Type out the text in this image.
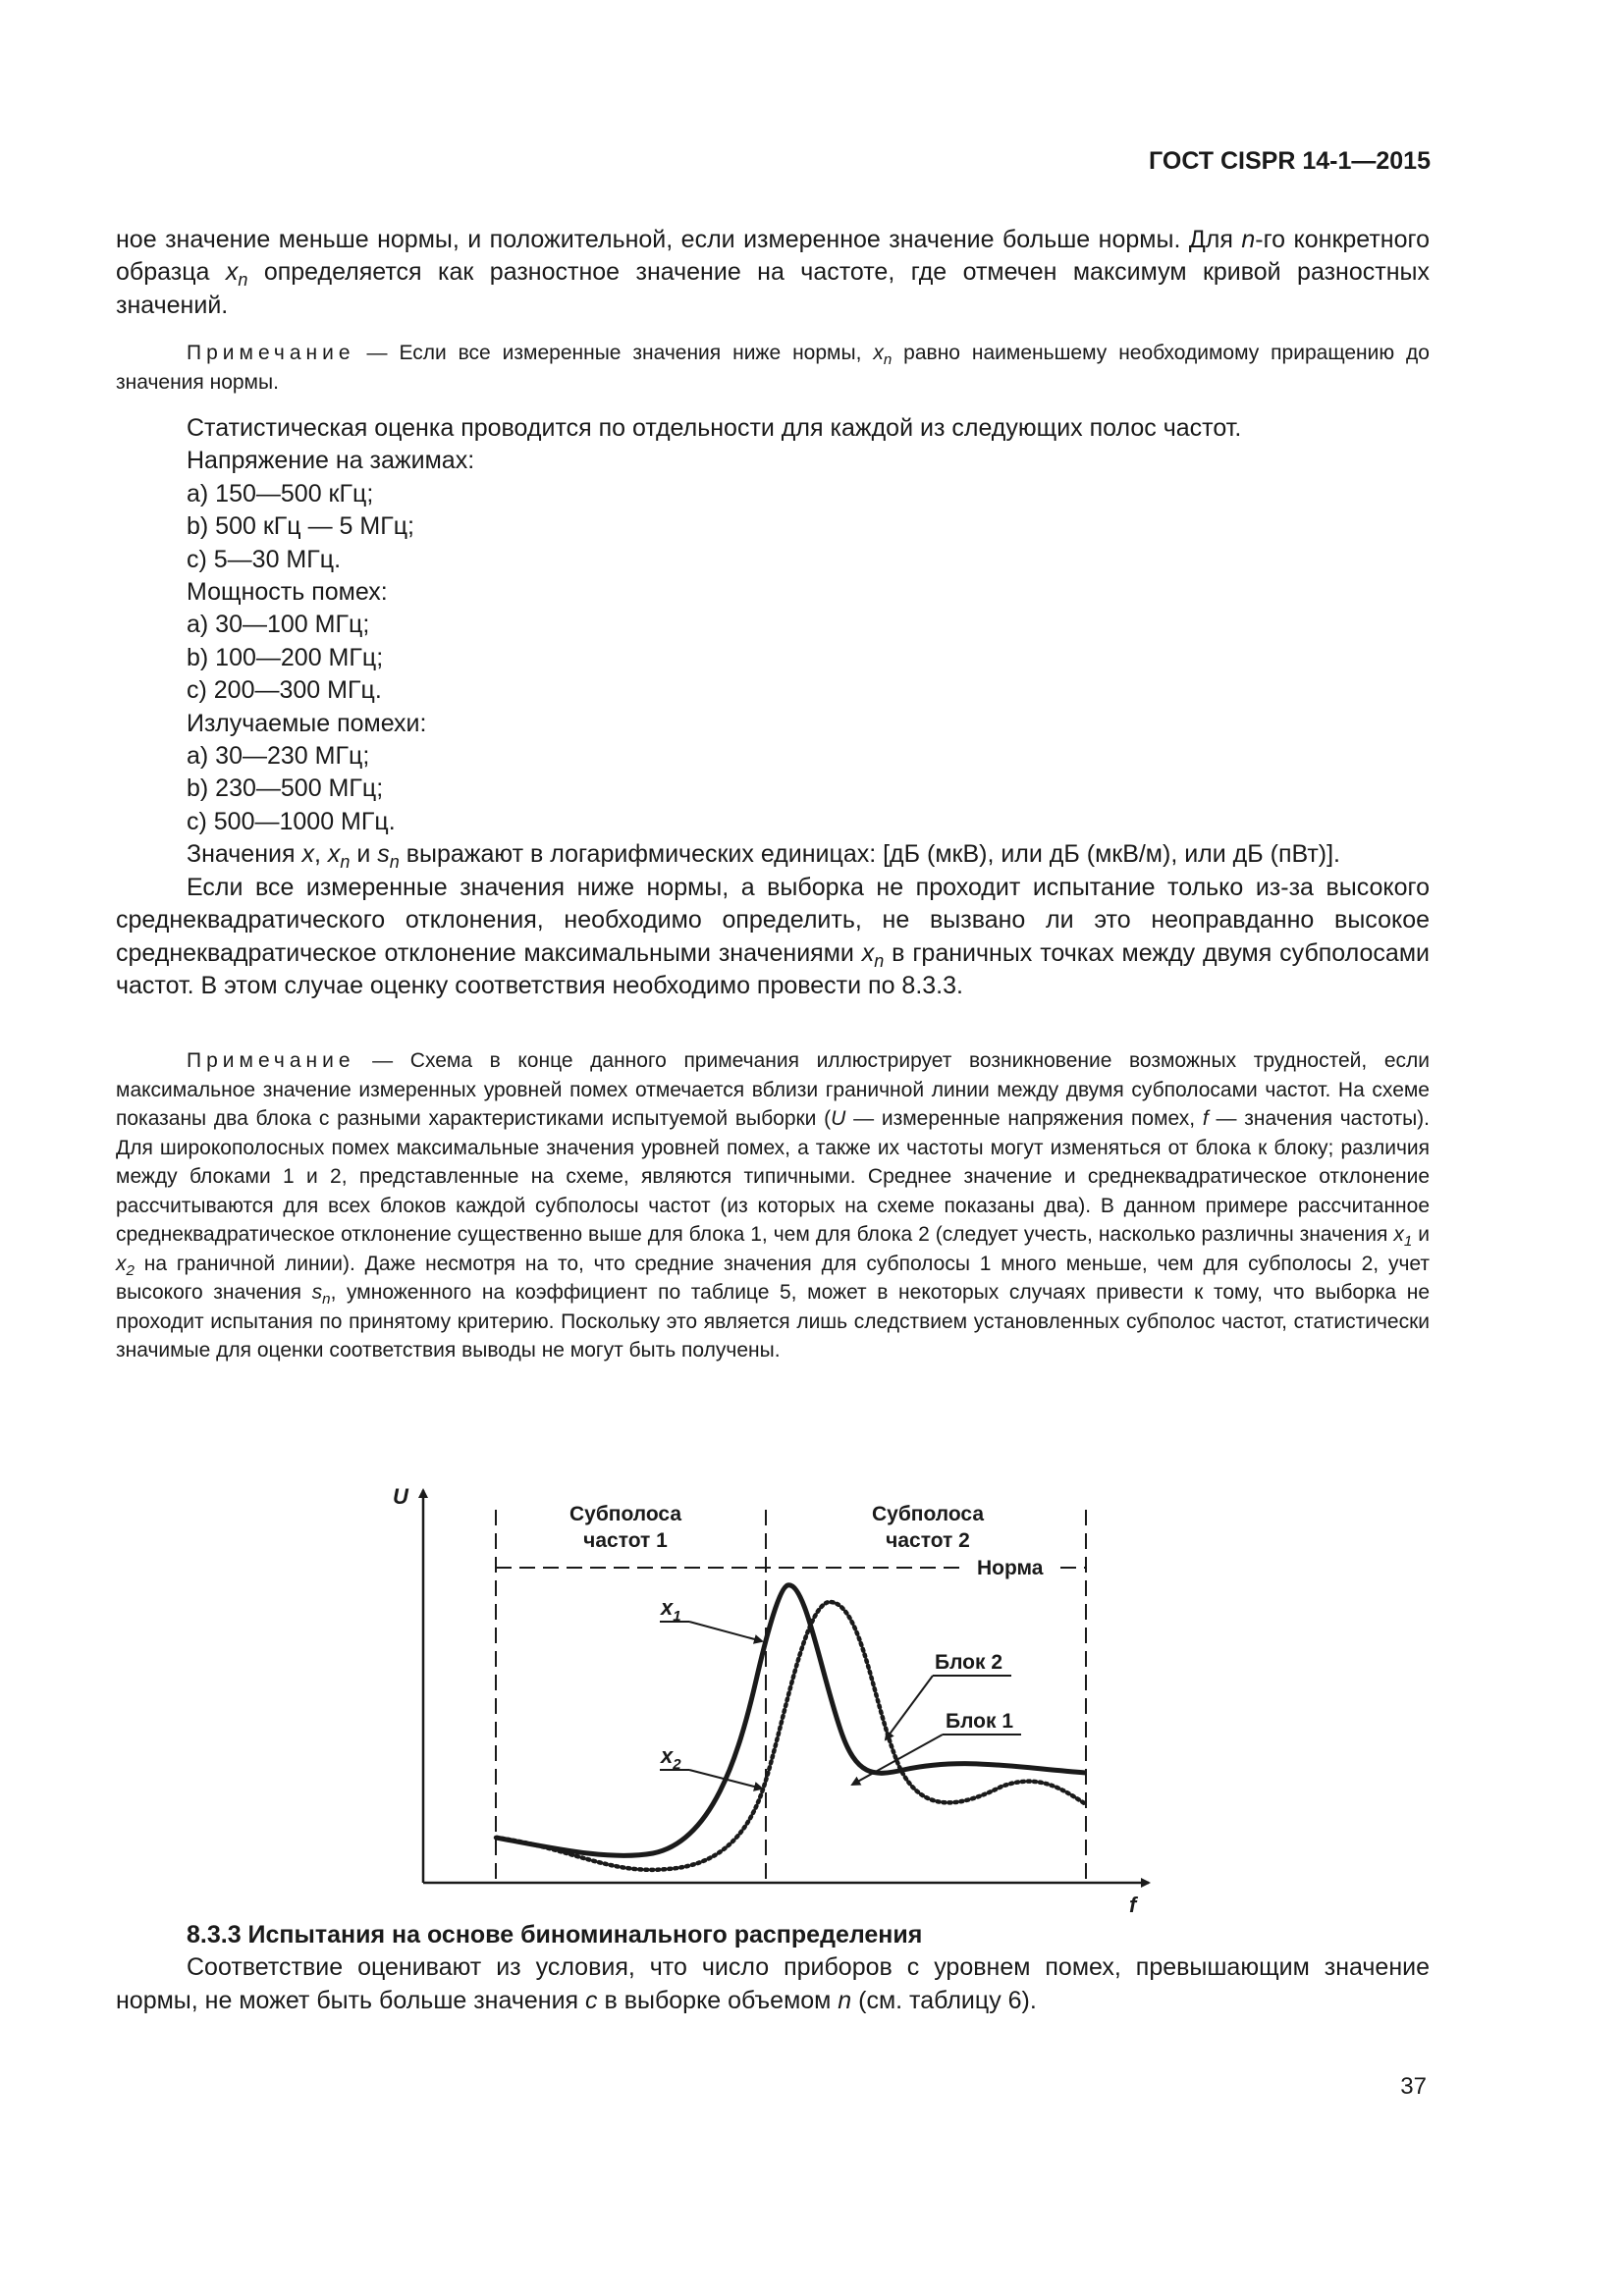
ГОСТ CISPR 14-1—2015

ное значение меньше нормы, и положительной, если измеренное значение больше нормы. Для n-го конкретного образца $x_n$ определяется как разностное значение на частоте, где отмечен максимум кривой разностных значений.

Примечание — Если все измеренные значения ниже нормы, $x_n$ равно наименьшему необходимому приращению до значения нормы.

Статистическая оценка проводится по отдельности для каждой из следующих полос частот.

Напряжение на зажимах:

a) 150—500 кГц;

b) 500 кГц — 5 МГц;

c) 5—30 МГц.

Мощность помех:

a) 30—100 МГц;

b) 100—200 МГц;

c) 200—300 МГц.

Излучаемые помехи:

a) 30—230 МГц;

b) 230—500 МГц;

c) 500—1000 МГц.

Значения x, $x_n$ и $s_n$ выражают в логарифмических единицах: [дБ (мкВ), или дБ (мкВ/м), или дБ (пВт)].

Если все измеренные значения ниже нормы, а выборка не проходит испытание только из-за высокого среднеквадратического отклонения, необходимо определить, не вызвано ли это неоправданно высокое среднеквадратическое отклонение максимальными значениями $x_n$ в граничных точках между двумя субполосами частот. В этом случае оценку соответствия необходимо провести по 8.3.3.

Примечание — Схема в конце данного примечания иллюстрирует возникновение возможных трудностей, если максимальное значение измеренных уровней помех отмечается вблизи граничной линии между двумя субполосами частот. На схеме показаны два блока с разными характеристиками испытуемой выборки (U — измеренные напряжения помех, f — значения частоты). Для широкополосных помех максимальные значения уровней помех, а также их частоты могут изменяться от блока к блоку; различия между блоками 1 и 2, представленные на схеме, являются типичными. Среднее значение и среднеквадратическое отклонение рассчитываются для всех блоков каждой субполосы частот (из которых на схеме показаны два). В данном примере рассчитанное среднеквадратическое отклонение существенно выше для блока 1, чем для блока 2 (следует учесть, насколько различны значения $x_1$ и $x_2$ на граничной линии). Даже несмотря на то, что средние значения для субполосы 1 много меньше, чем для субполосы 2, учет высокого значения $s_n$, умноженного на коэффициент по таблице 5, может в некоторых случаях привести к тому, что выборка не проходит испытания по принятому критерию. Поскольку это является лишь следствием установленных субполос частот, статистически значимые для оценки соответствия выводы не могут быть получены.
U
f
Норма
Субполоса
частот 1
Субполоса
частот 2
$x_1$
$x_2$
Блок 2
Блок 1

8.3.3 Испытания на основе биноминального распределения

Соответствие оценивают из условия, что число приборов с уровнем помех, превышающим значение нормы, не может быть больше значения c в выборке объемом n (см. таблицу 6).

37
